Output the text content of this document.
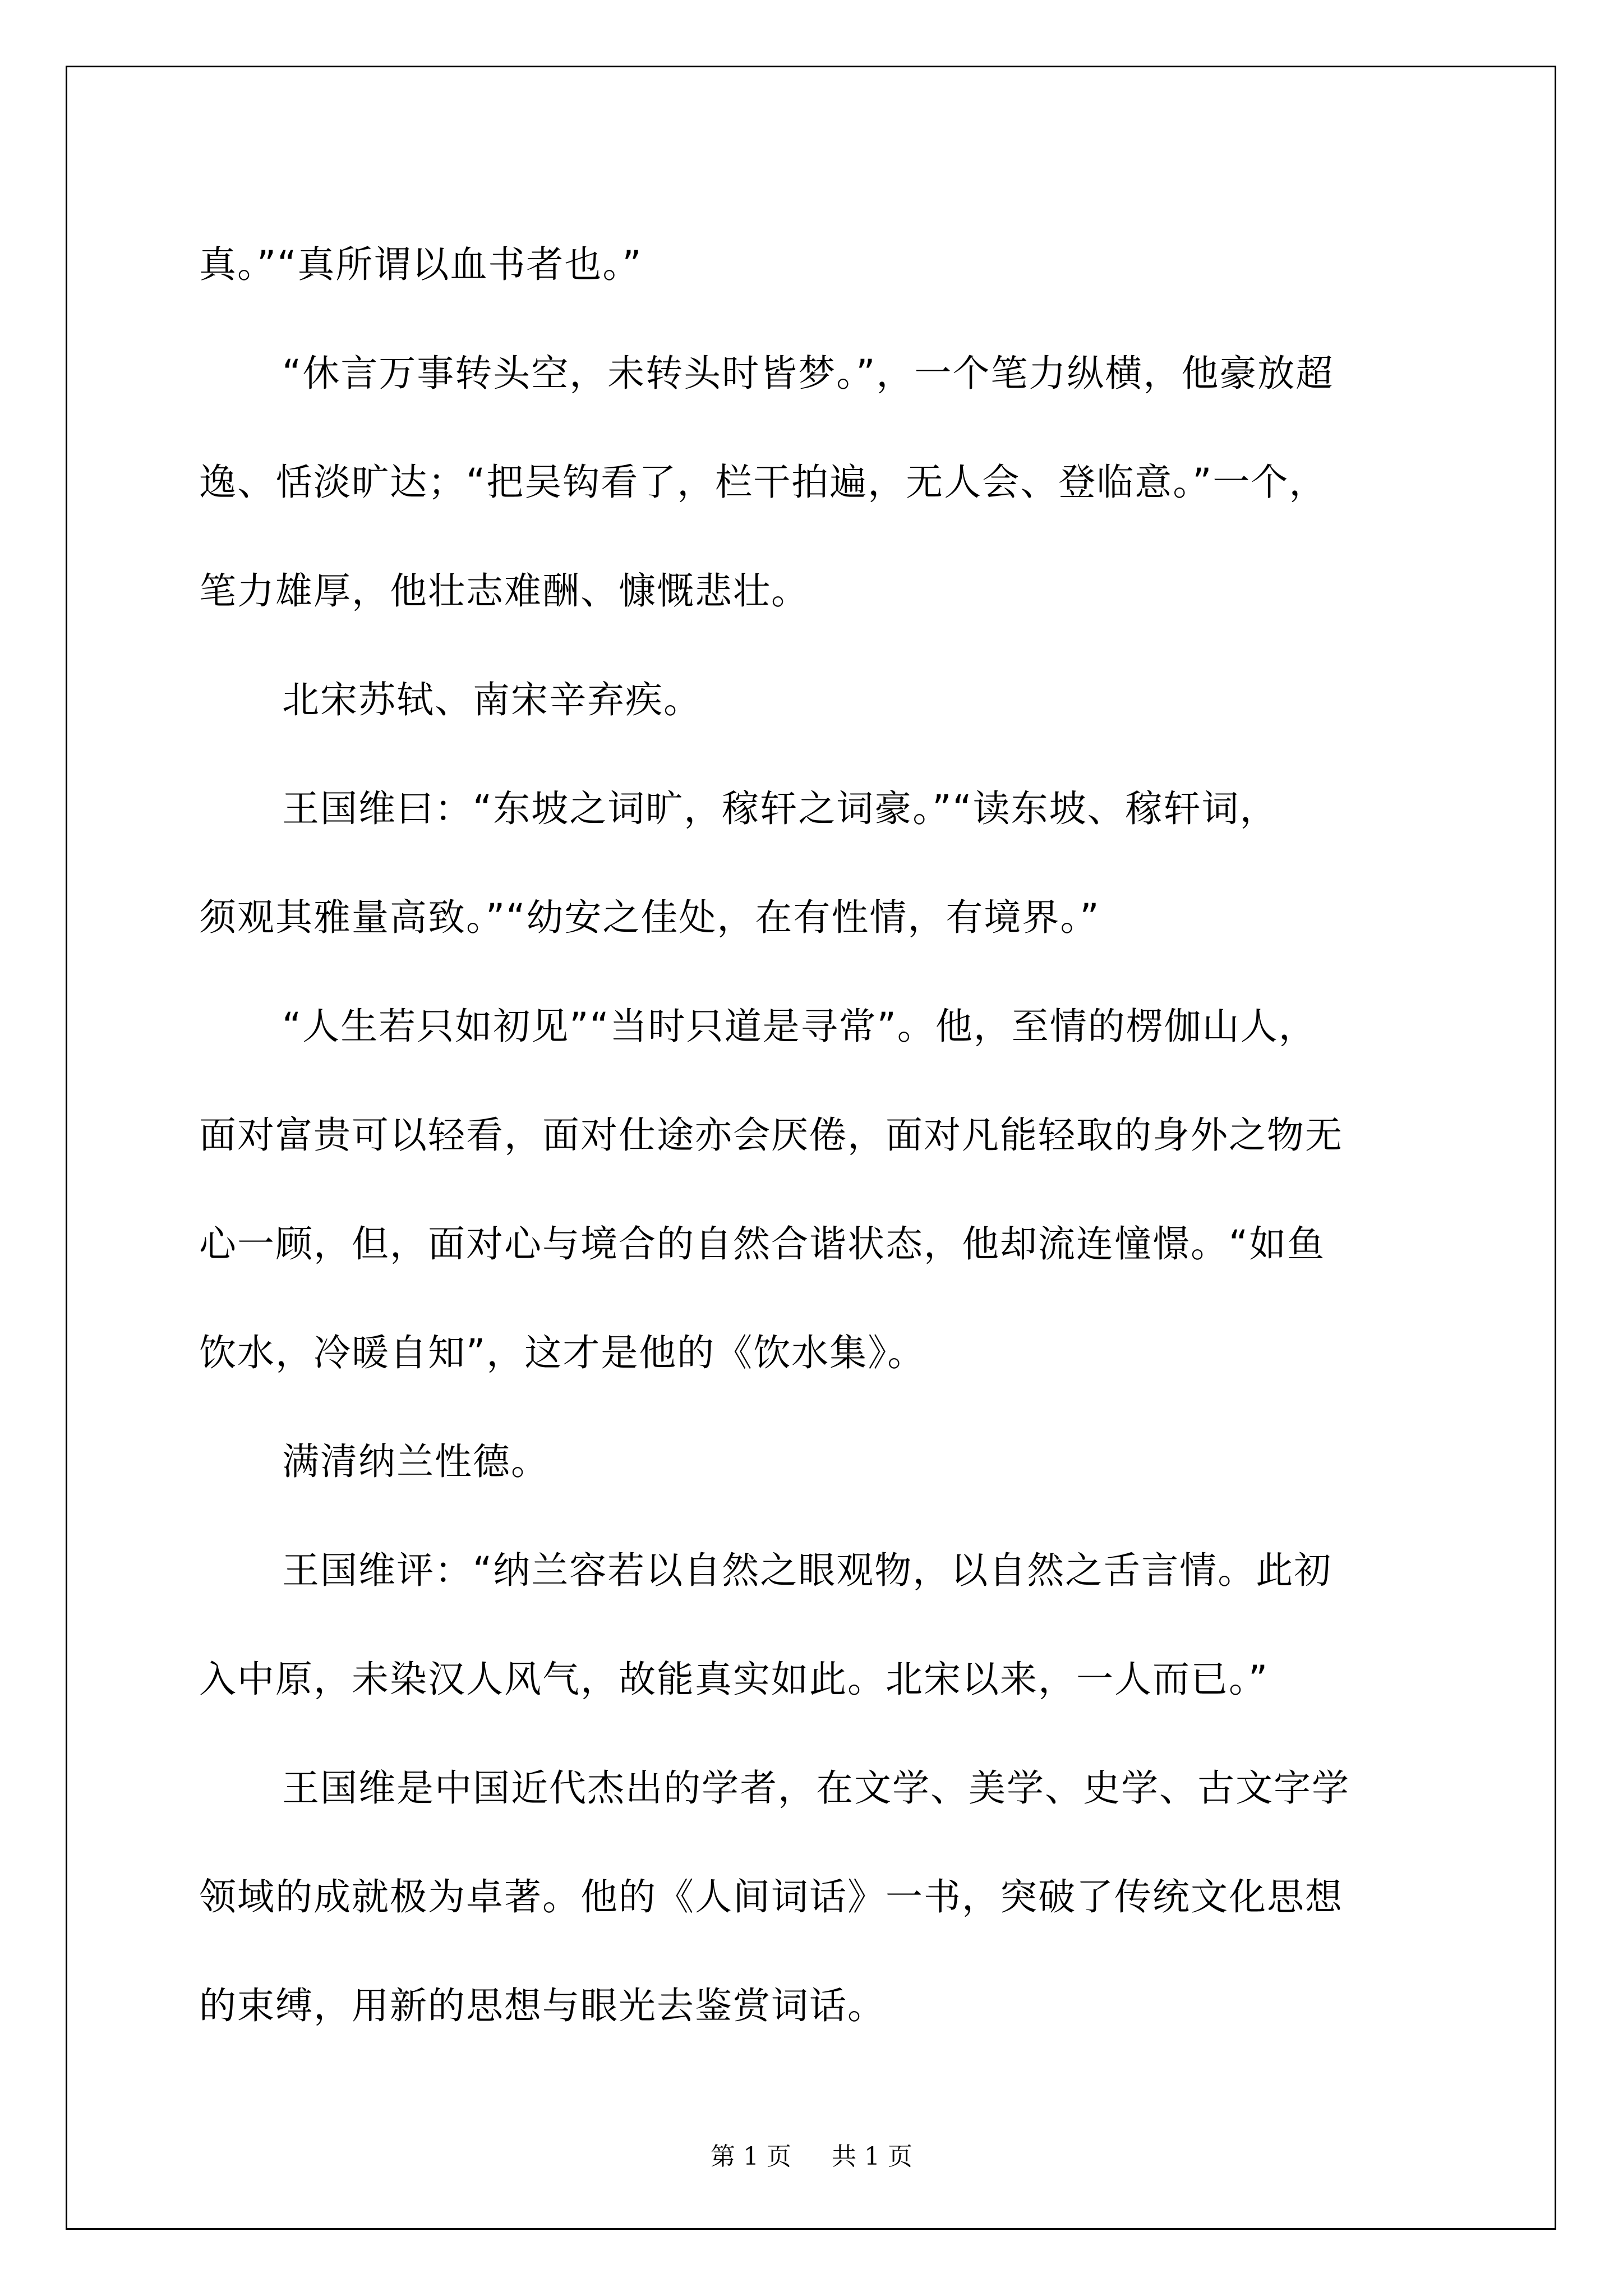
真。”“真所谓以血书者也。”
“休言万事转头空，未转头时皆梦。”，一个笔力纵横，他豪放超
逸、恬淡旷达；“把吴钩看了，栏干拍遍，无人会、登临意。”一个，
笔力雄厚，他壮志难酬、慷慨悲壮。
北宋苏轼、南宋辛弃疾。
王国维曰：“东坡之词旷，稼轩之词豪。”“读东坡、稼轩词，
须观其雅量高致。”“幼安之佳处，在有性情，有境界。”
“人生若只如初见”“当时只道是寻常”。他，至情的楞伽山人，
面对富贵可以轻看，面对仕途亦会厌倦，面对凡能轻取的身外之物无
心一顾，但，面对心与境合的自然合谐状态，他却流连憧憬。“如鱼
饮水，冷暖自知”，这才是他的《饮水集》。
满清纳兰性德。
王国维评：“纳兰容若以自然之眼观物，以自然之舌言情。此初
入中原，未染汉人风气，故能真实如此。北宋以来，一人而已。”
王国维是中国近代杰出的学者，在文学、美学、史学、古文字学
领域的成就极为卓著。他的《人间词话》一书，突破了传统文化思想
的束缚，用新的思想与眼光去鉴赏词话。
第 1 页 共 1 页
